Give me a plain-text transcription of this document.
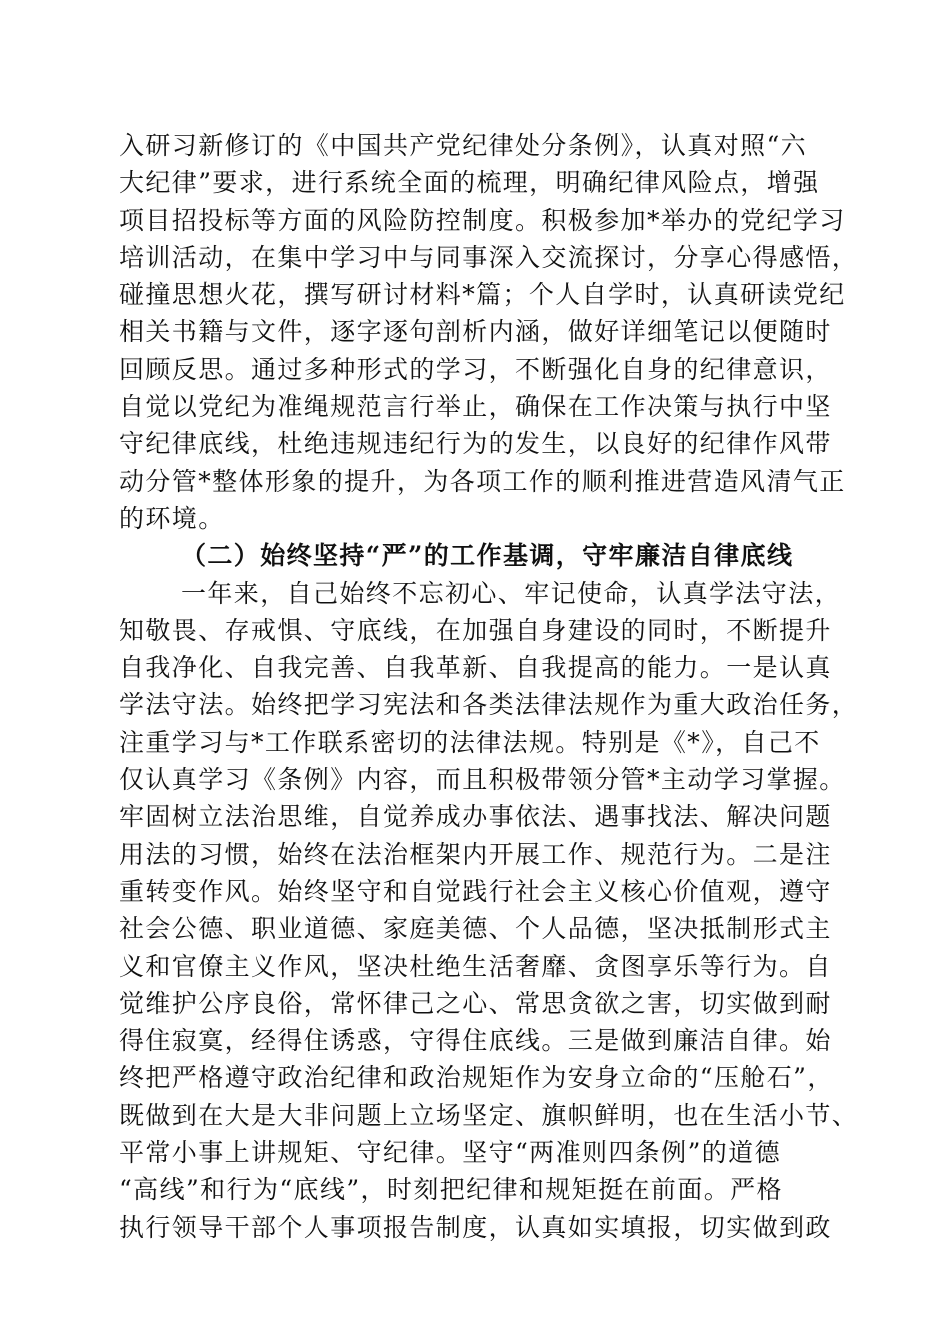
入研习新修订的《中国共产党纪律处分条例》，认真对照“六
大纪律”要求，进行系统全面的梳理，明确纪律风险点，增强
项目招投标等方面的风险防控制度。积极参加*举办的党纪学习
培训活动，在集中学习中与同事深入交流探讨，分享心得感悟，
碰撞思想火花，撰写研讨材料*篇；个人自学时，认真研读党纪
相关书籍与文件，逐字逐句剖析内涵，做好详细笔记以便随时
回顾反思。通过多种形式的学习，不断强化自身的纪律意识，
自觉以党纪为准绳规范言行举止，确保在工作决策与执行中坚
守纪律底线，杜绝违规违纪行为的发生，以良好的纪律作风带
动分管*整体形象的提升，为各项工作的顺利推进营造风清气正
的环境。
（二）始终坚持“严”的工作基调，守牢廉洁自律底线
一年来，自己始终不忘初心、牢记使命，认真学法守法，
知敬畏、存戒惧、守底线，在加强自身建设的同时，不断提升
自我净化、自我完善、自我革新、自我提高的能力。一是认真
学法守法。始终把学习宪法和各类法律法规作为重大政治任务，
注重学习与*工作联系密切的法律法规。特别是《*》，自己不
仅认真学习《条例》内容，而且积极带领分管*主动学习掌握。
牢固树立法治思维，自觉养成办事依法、遇事找法、解决问题
用法的习惯，始终在法治框架内开展工作、规范行为。二是注
重转变作风。始终坚守和自觉践行社会主义核心价值观，遵守
社会公德、职业道德、家庭美德、个人品德，坚决抵制形式主
义和官僚主义作风，坚决杜绝生活奢靡、贪图享乐等行为。自
觉维护公序良俗，常怀律己之心、常思贪欲之害，切实做到耐
得住寂寞，经得住诱惑，守得住底线。三是做到廉洁自律。始
终把严格遵守政治纪律和政治规矩作为安身立命的“压舱石”，
既做到在大是大非问题上立场坚定、旗帜鲜明，也在生活小节、
平常小事上讲规矩、守纪律。坚守“两准则四条例”的道德
“高线”和行为“底线”，时刻把纪律和规矩挺在前面。严格
执行领导干部个人事项报告制度，认真如实填报，切实做到政
